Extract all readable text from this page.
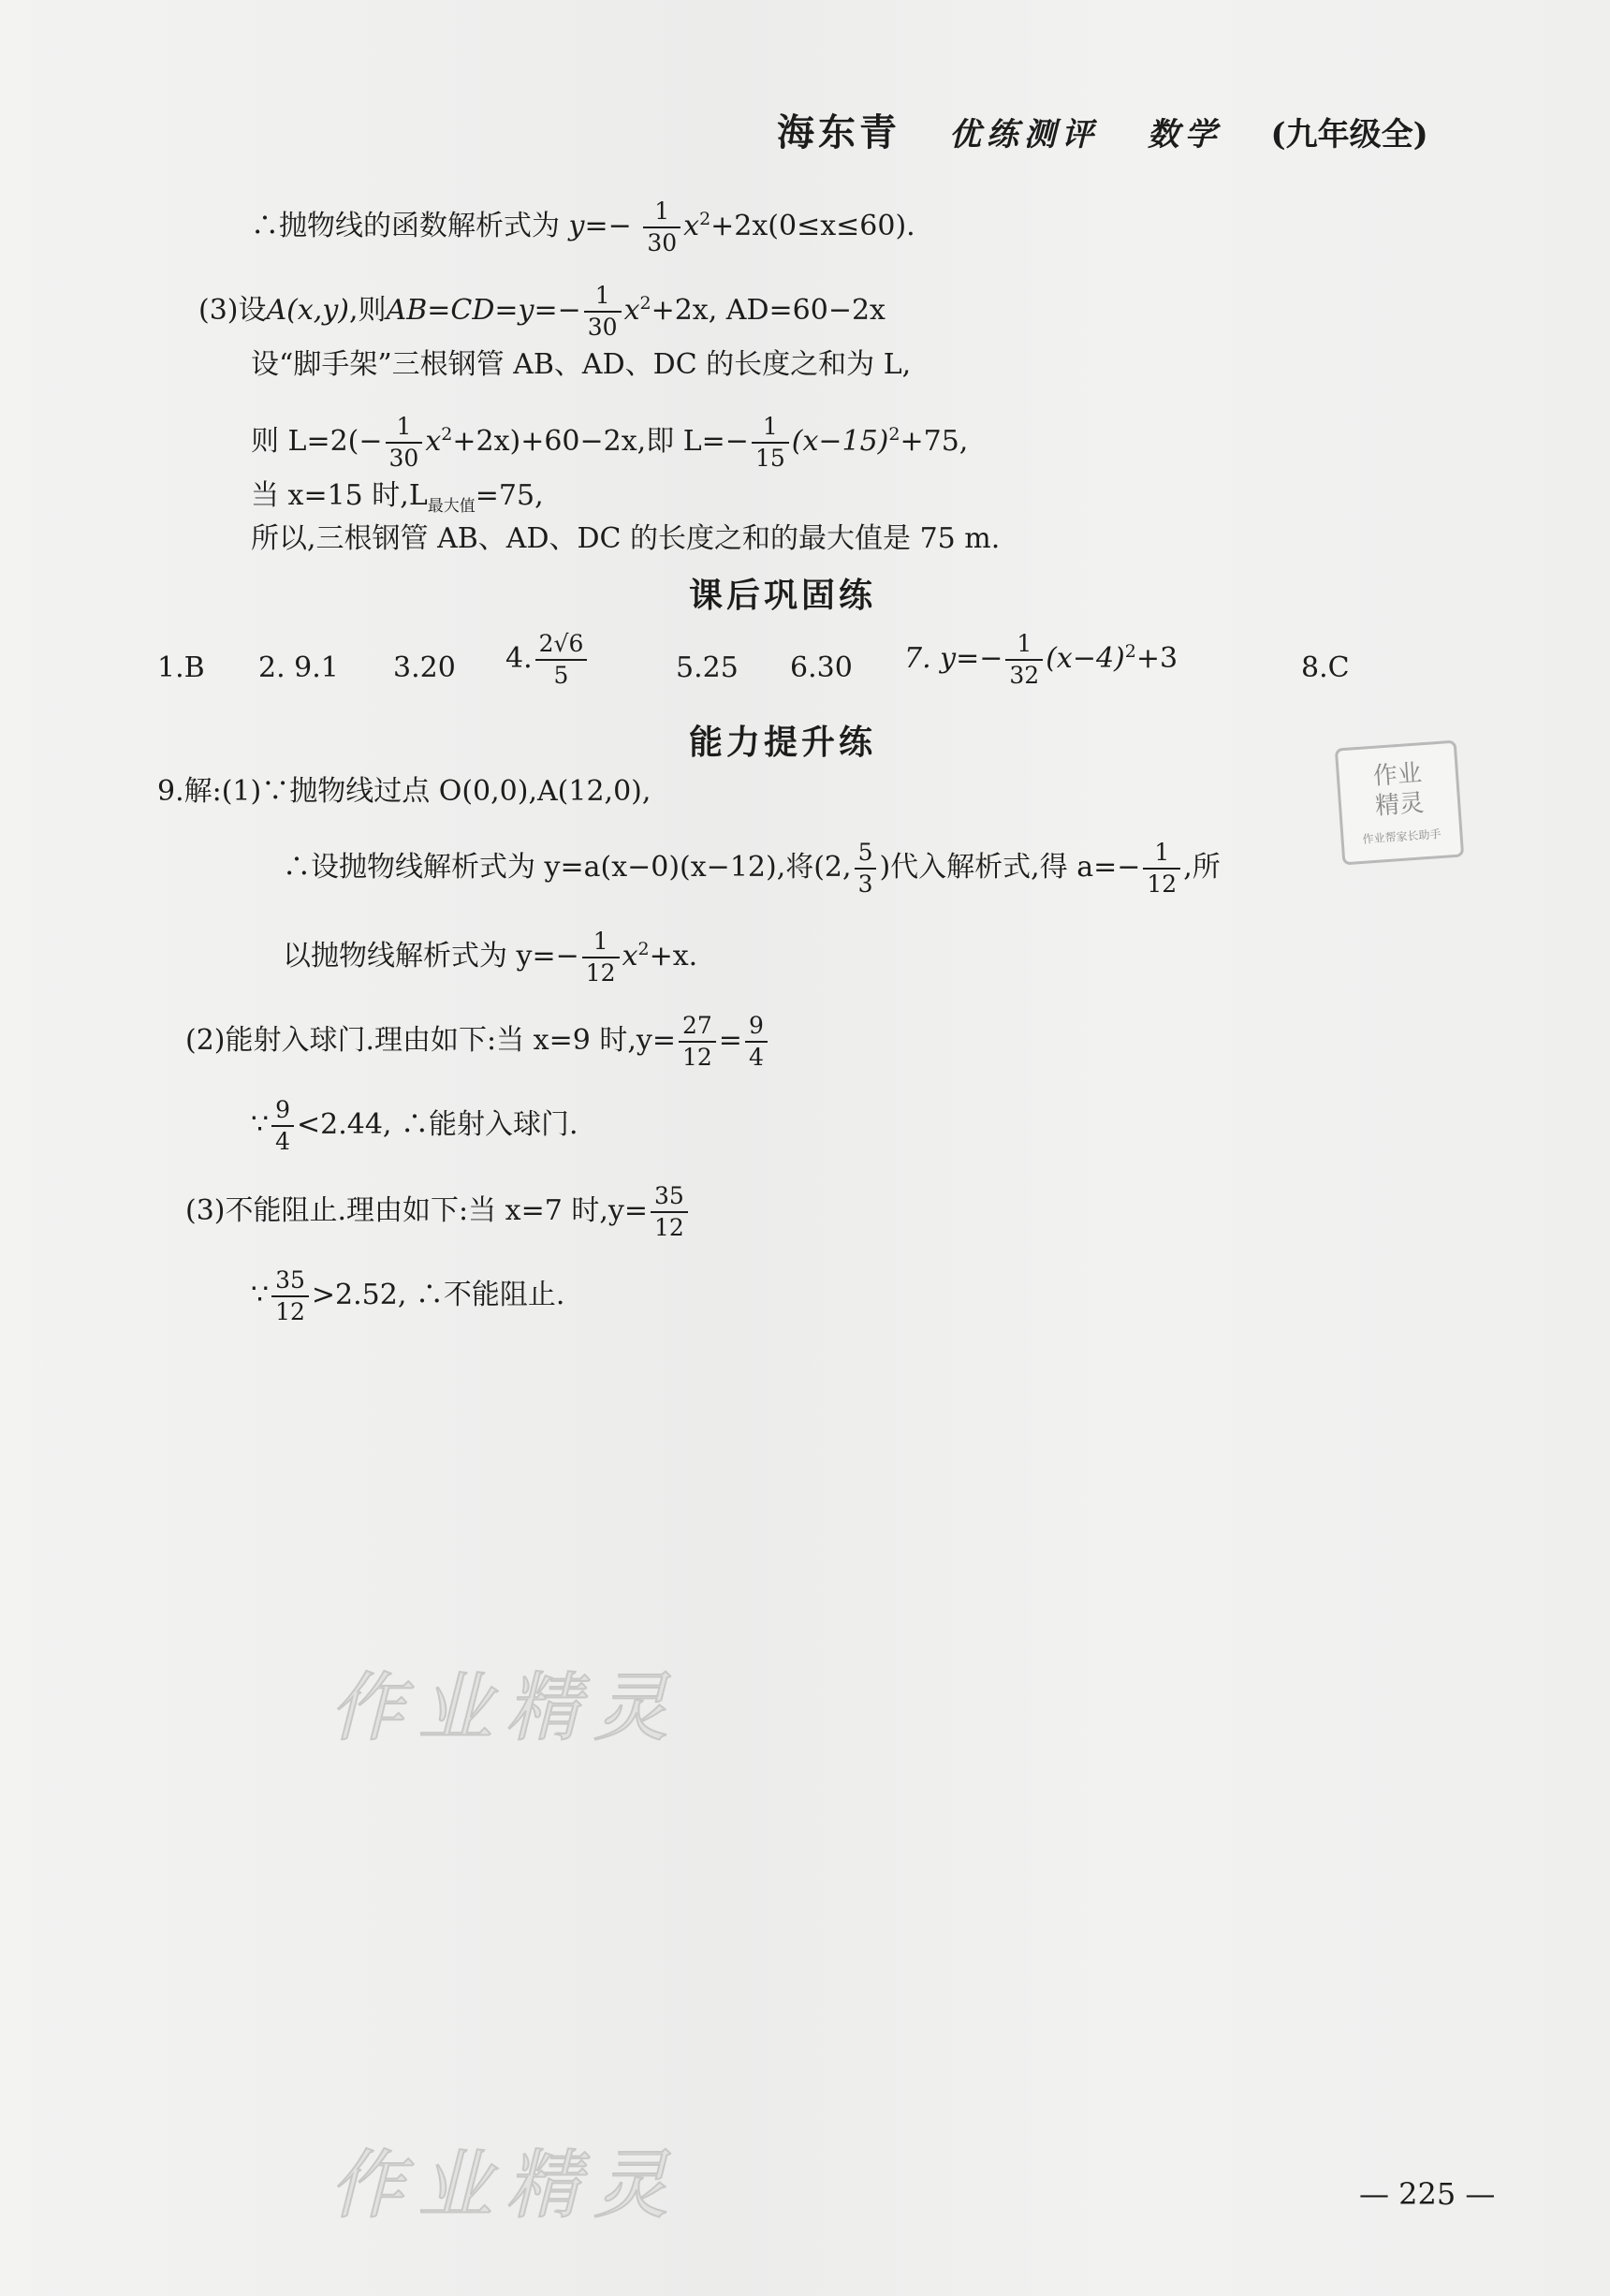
海东青 优练测评 数学 (九年级全)
∴抛物线的函数解析式为 $y=- \frac{1}{30} x^2+2x(0\le x\le 60)$.
(3)设A(x,y),则$AB=CD=y=- \frac{1}{30} x^2+2x$, AD=60−2x
设“脚手架”三根钢管 AB、AD、DC 的长度之和为 L,
则 $L=2(- \frac{1}{30} x^2+2x)+60-2x$,即 $L=- \frac{1}{15} (x-15)^2+75$,
当 x=15 时$,L_{最大值}=75$,
所以,三根钢管 AB、AD、DC 的长度之和的最大值是 75 m.
课后巩固练
1.B 2. 9.1 3.20 4. $\frac{2√6}{5}$	5.25 6.30 7. $y=- \frac{1}{32} (x-4)^2+3$	8.C
能力提升练
9.解:(1)∵抛物线过点 O(0,0),A(12,0),
∴设抛物线解析式为 y=a(x−0)(x−12),将(2, $\frac{5}{3}$ )代入解析式,得 $a=- \frac{1}{12}$ ,所
以抛物线解析式为 $y=- \frac{1}{12} x^2+x$.
(2)能射入球门.理由如下:当 x=9 时$,y= \frac{27}{12} = \frac{9}{4}$
∵ $\frac{9}{4} <2.44$, ∴能射入球门.
(3)不能阻止.理由如下:当 x=7 时$,y= \frac{35}{12}$
∵ $\frac{35}{12} >2.52$, ∴不能阻止.
作业
精灵
作业帮家长助手
作业精灵
作业精灵	— 225 —
